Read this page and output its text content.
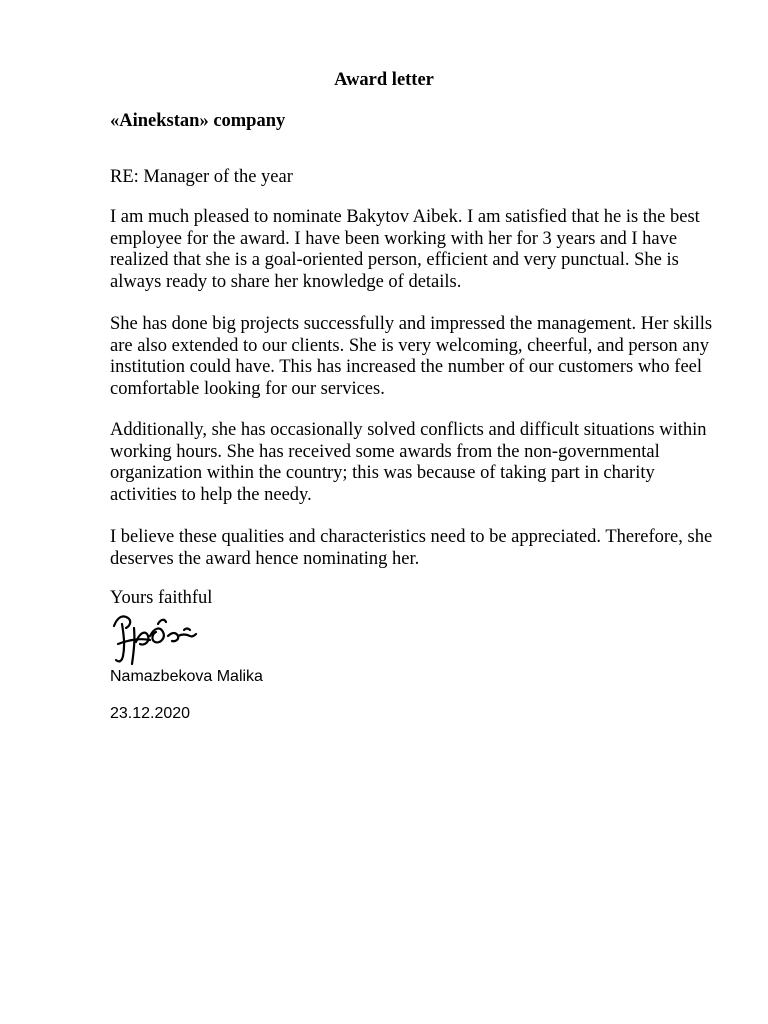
Award letter
«Ainekstan» company

RE: Manager of the year

I am much pleased to nominate Bakytov Aibek. I am satisfied that he is the best employee for the award. I have been working with her for 3 years and I have realized that she is a goal-oriented person, efficient and very punctual. She is always ready to share her knowledge of details.

She has done big projects successfully and impressed the management. Her skills are also extended to our clients. She is very welcoming, cheerful, and person any institution could have. This has increased the number of our customers who feel comfortable looking for our services.

Additionally, she has occasionally solved conflicts and difficult situations within working hours. She has received some awards from the non-governmental organization within the country; this was because of taking part in charity activities to help the needy.

I believe these qualities and characteristics need to be appreciated. Therefore, she deserves the award hence nominating her.

Yours faithful
Namazbekova Malika
23.12.2020
